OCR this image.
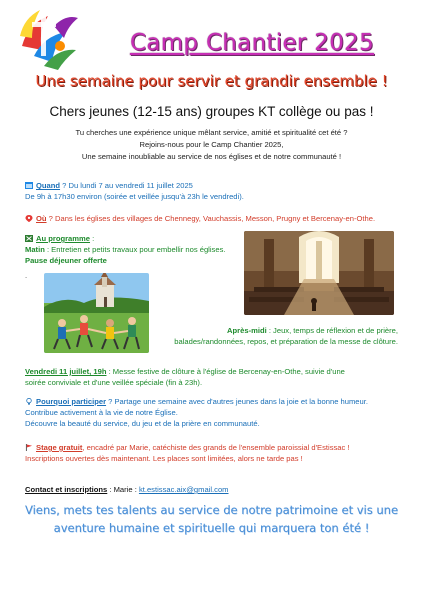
Camp Chantier 2025
Une semaine pour servir et grandir ensemble !
Chers jeunes (12-15 ans) groupes KT collège ou pas !
Tu cherches une expérience unique mêlant service, amitié et spiritualité cet été ?
Rejoins-nous pour le Camp Chantier 2025,
Une semaine inoubliable au service de nos églises et de notre communauté !
Quand ? Du lundi 7 au vendredi 11 juillet 2025
De 9h à 17h30 environ (soirée et veillée jusqu'à 23h le vendredi).
Où ? Dans les églises des villages de Chennegy, Vauchassis, Messon, Prugny et Bercenay-en-Othe.
Au programme :
Matin : Entretien et petits travaux pour embellir nos églises.
Pause déjeuner offerte
.
Après-midi : Jeux, temps de réflexion et de prière,
balades/randonnées, repos, et préparation de la messe de clôture.
Vendredi 11 juillet, 19h : Messe festive de clôture à l'église de Bercenay-en-Othe, suivie d'une
soirée conviviale et d'une veillée spéciale (fin à 23h).
Pourquoi participer ? Partage une semaine avec d'autres jeunes dans la joie et la bonne humeur.
Contribue activement à la vie de notre Église.
Découvre la beauté du service, du jeu et de la prière en communauté.
Stage gratuit, encadré par Marie, catéchiste des grands de l'ensemble paroissial d'Estissac !
Inscriptions ouvertes dès maintenant. Les places sont limitées, alors ne tarde pas !
Contact et inscriptions : Marie : kt.estissac.aix@gmail.com
Viens, mets tes talents au service de notre patrimoine et vis une
aventure humaine et spirituelle qui marquera ton été !
